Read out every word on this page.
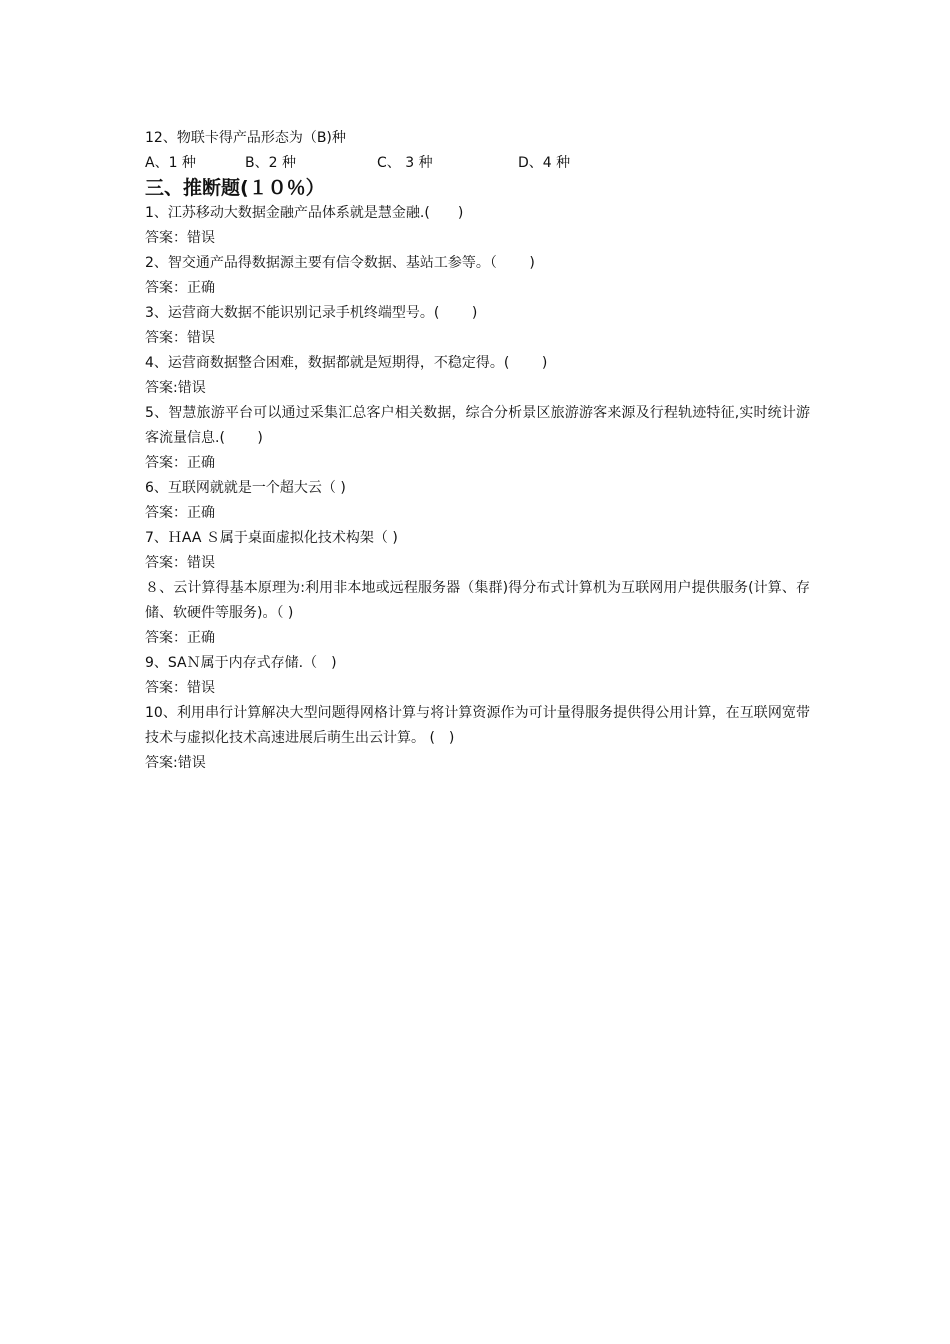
12、物联卡得产品形态为（B)种
A、1 种	B、2 种	C、 3 种	D、4 种
三、推断题(１０％）
1、江苏移动大数据金融产品体系就是慧金融.(　　)
答案：错误
2、智交通产品得数据源主要有信令数据、基站工参等。（　　 )
答案：正确
3、运营商大数据不能识别记录手机终端型号。(　　 )
答案：错误
4、运营商数据整合困难，数据都就是短期得，不稳定得。(　　 )
答案:错误
5、智慧旅游平台可以通过采集汇总客户相关数据，综合分析景区旅游游客来源及行程轨迹特征,实时统计游客流量信息.(　　 )
答案：正确
6、互联网就就是一个超大云（ )
答案：正确
7、ＨAA Ｓ属于桌面虚拟化技术构架（ )
答案：错误
８、云计算得基本原理为:利用非本地或远程服务器（集群)得分布式计算机为互联网用户提供服务(计算、存储、软硬件等服务)。（ )
答案：正确
9、SAＮ属于内存式存储.（　)
答案：错误
10、利用串行计算解决大型问题得网格计算与将计算资源作为可计量得服务提供得公用计算，在互联网宽带技术与虚拟化技术高速进展后萌生出云计算。 (　)
答案:错误
